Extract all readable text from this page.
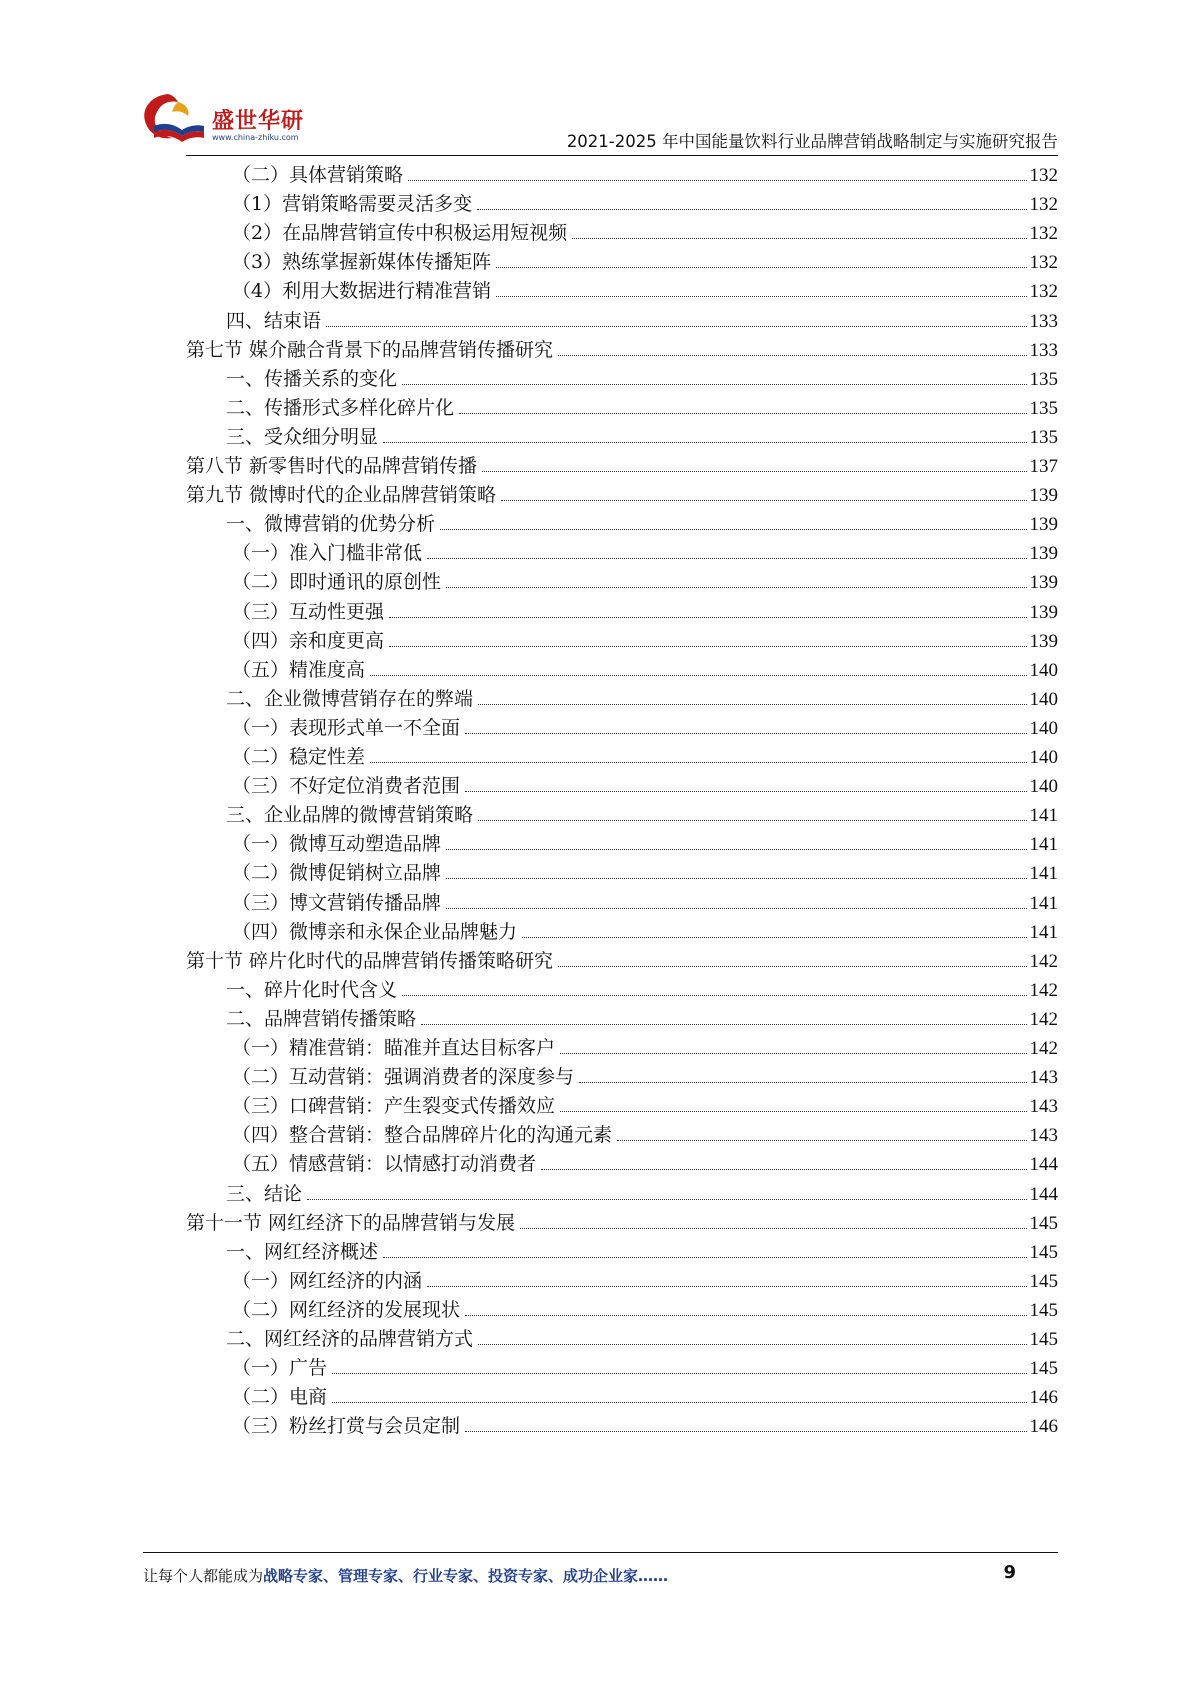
盛世华研
www.china-zhiku.com	2021-2025 年中国能量饮料行业品牌营销战略制定与实施研究报告
（二）具体营销策略	132
（1）营销策略需要灵活多变	132
（2）在品牌营销宣传中积极运用短视频	132
（3）熟练掌握新媒体传播矩阵	132
（4）利用大数据进行精准营销	132
四、结束语	133
第七节 媒介融合背景下的品牌营销传播研究	133
一、传播关系的变化	135
二、传播形式多样化碎片化	135
三、受众细分明显	135
第八节 新零售时代的品牌营销传播	137
第九节 微博时代的企业品牌营销策略	139
一、微博营销的优势分析	139
（一）准入门槛非常低	139
（二）即时通讯的原创性	139
（三）互动性更强	139
（四）亲和度更高	139
（五）精准度高	140
二、企业微博营销存在的弊端	140
（一）表现形式单一不全面	140
（二）稳定性差	140
（三）不好定位消费者范围	140
三、企业品牌的微博营销策略	141
（一）微博互动塑造品牌	141
（二）微博促销树立品牌	141
（三）博文营销传播品牌	141
（四）微博亲和永保企业品牌魅力	141
第十节 碎片化时代的品牌营销传播策略研究	142
一、碎片化时代含义	142
二、品牌营销传播策略	142
（一）精准营销：瞄准并直达目标客户	142
（二）互动营销：强调消费者的深度参与	143
（三）口碑营销：产生裂变式传播效应	143
（四）整合营销：整合品牌碎片化的沟通元素	143
（五）情感营销：以情感打动消费者	144
三、结论	144
第十一节 网红经济下的品牌营销与发展	145
一、网红经济概述	145
（一）网红经济的内涵	145
（二）网红经济的发展现状	145
二、网红经济的品牌营销方式	145
（一）广告	145
（二）电商	146
（三）粉丝打赏与会员定制	146
让每个人都能成为战略专家、管理专家、行业专家、投资专家、成功企业家……	9
